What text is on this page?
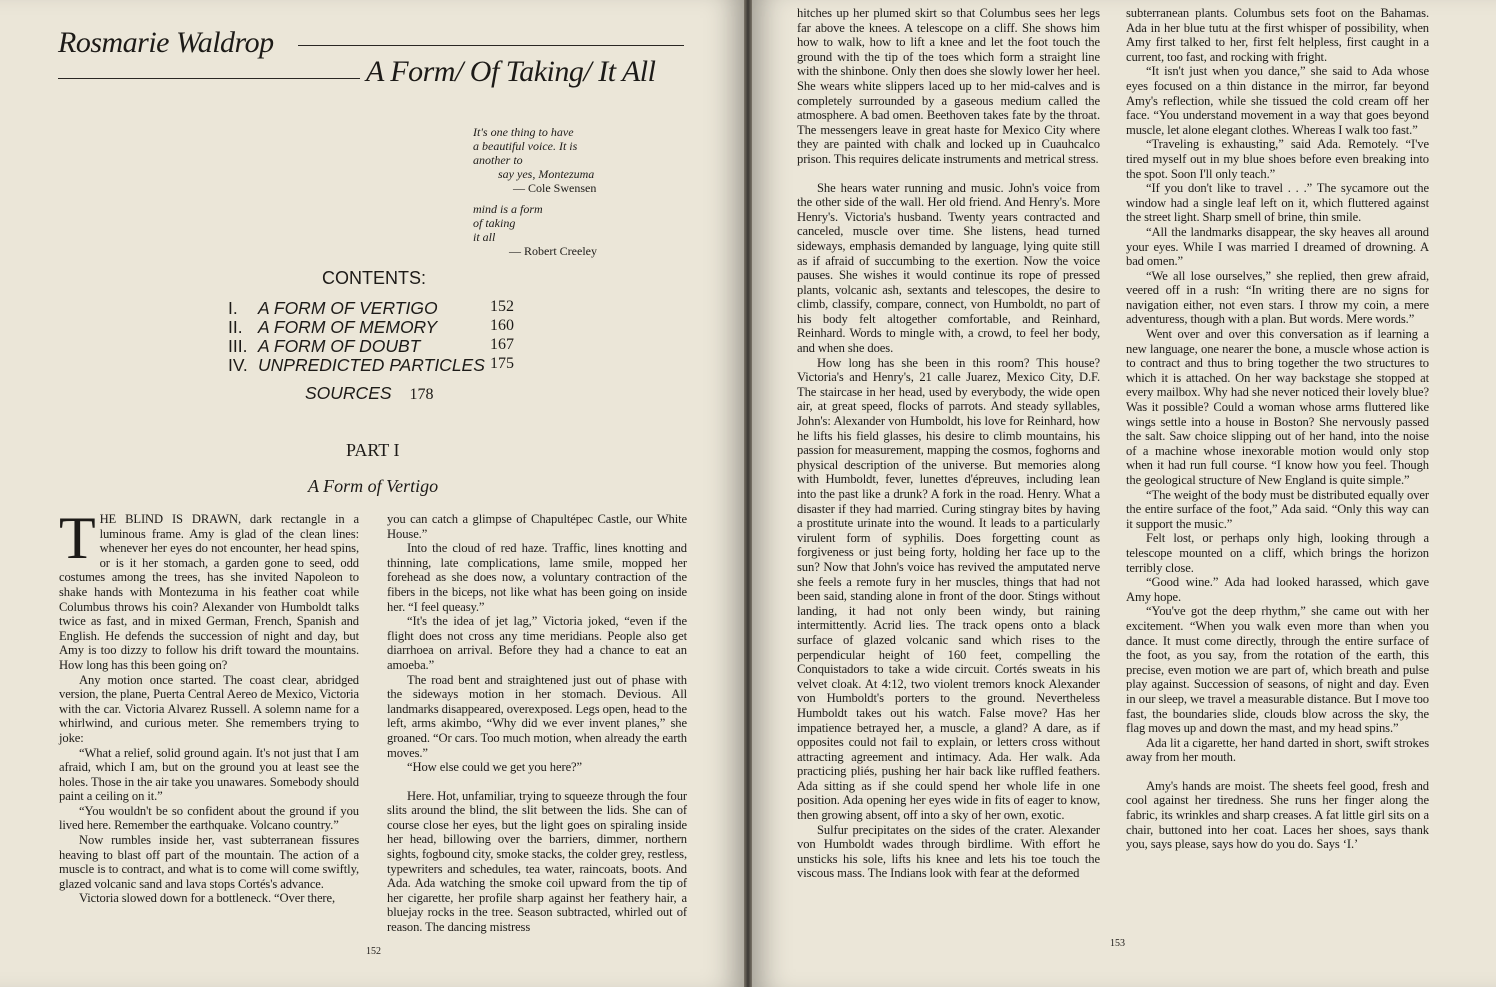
Rosmarie Waldrop
A Form/ Of Taking/ It All
It's one thing to have
a beautiful voice. It is
another to
say yes, Montezuma
— Cole Swensen
mind is a form
of taking
it all
— Robert Creeley
CONTENTS:
I. A FORM OF VERTIGO	152
II. A FORM OF MEMORY	160
III. A FORM OF DOUBT	167
IV. UNPREDICTED PARTICLES 175
SOURCES 178
PART I
A Form of Vertigo

THE BLIND IS DRAWN, dark rectangle in a luminous frame. Amy is glad of the clean lines: whenever her eyes do not encounter, her head spins, or is it her stomach, a garden gone to seed, odd costumes among the trees, has she invited Napoleon to shake hands with Montezuma in his feather coat while Columbus throws his coin? Alexander von Humboldt talks twice as fast, and in mixed German, French, Spanish and English. He defends the succession of night and day, but Amy is too dizzy to follow his drift toward the mountains. How long has this been going on?

Any motion once started. The coast clear, abridged version, the plane, Puerta Central Aereo de Mexico, Victoria with the car. Victoria Alvarez Russell. A solemn name for a whirlwind, and curious meter. She remembers trying to joke:

“What a relief, solid ground again. It's not just that I am afraid, which I am, but on the ground you at least see the holes. Those in the air take you unawares. Somebody should paint a ceiling on it.”

“You wouldn't be so confident about the ground if you lived here. Remember the earthquake. Volcano country.”

Now rumbles inside her, vast subterranean fissures heaving to blast off part of the mountain. The action of a muscle is to contract, and what is to come will come swiftly, glazed volcanic sand and lava stops Cortés's advance.

Victoria slowed down for a bottleneck. “Over there,

you can catch a glimpse of Chapultépec Castle, our White House.”

Into the cloud of red haze. Traffic, lines knotting and thinning, late complications, lame smile, mopped her forehead as she does now, a voluntary contraction of the fibers in the biceps, not like what has been going on inside her. “I feel queasy.”

“It's the idea of jet lag,” Victoria joked, “even if the flight does not cross any time meridians. People also get diarrhoea on arrival. Before they had a chance to eat an amoeba.”

The road bent and straightened just out of phase with the sideways motion in her stomach. Devious. All landmarks disappeared, overexposed. Legs open, head to the left, arms akimbo, “Why did we ever invent planes,” she groaned. “Or cars. Too much motion, when already the earth moves.”

“How else could we get you here?”

Here. Hot, unfamiliar, trying to squeeze through the four slits around the blind, the slit between the lids. She can of course close her eyes, but the light goes on spiraling inside her head, billowing over the barriers, dimmer, northern sights, fogbound city, smoke stacks, the colder grey, restless, typewriters and schedules, tea water, raincoats, boots. And Ada. Ada watching the smoke coil upward from the tip of her cigarette, her profile sharp against her feathery hair, a bluejay rocks in the tree. Season subtracted, whirled out of reason. The dancing mistress

152

hitches up her plumed skirt so that Columbus sees her legs far above the knees. A telescope on a cliff. She shows him how to walk, how to lift a knee and let the foot touch the ground with the tip of the toes which form a straight line with the shinbone. Only then does she slowly lower her heel. She wears white slippers laced up to her mid-calves and is completely surrounded by a gaseous medium called the atmosphere. A bad omen. Beethoven takes fate by the throat. The messengers leave in great haste for Mexico City where they are painted with chalk and locked up in Cuauhcalco prison. This requires delicate instruments and metrical stress.

She hears water running and music. John's voice from the other side of the wall. Her old friend. And Henry's. More Henry's. Victoria's husband. Twenty years contracted and canceled, muscle over time. She listens, head turned sideways, emphasis demanded by language, lying quite still as if afraid of succumbing to the exertion. Now the voice pauses. She wishes it would continue its rope of pressed plants, volcanic ash, sextants and telescopes, the desire to climb, classify, compare, connect, von Humboldt, no part of his body felt altogether comfortable, and Reinhard, Reinhard. Words to mingle with, a crowd, to feel her body, and when she does.

How long has she been in this room? This house? Victoria's and Henry's, 21 calle Juarez, Mexico City, D.F. The staircase in her head, used by everybody, the wide open air, at great speed, flocks of parrots. And steady syllables, John's: Alexander von Humboldt, his love for Reinhard, how he lifts his field glasses, his desire to climb mountains, his passion for measurement, mapping the cosmos, foghorns and physical description of the universe. But memories along with Humboldt, fever, lunettes d'épreuves, including lean into the past like a drunk? A fork in the road. Henry. What a disaster if they had married. Curing stingray bites by having a prostitute urinate into the wound. It leads to a particularly virulent form of syphilis. Does forgetting count as forgiveness or just being forty, holding her face up to the sun? Now that John's voice has revived the amputated nerve she feels a remote fury in her muscles, things that had not been said, standing alone in front of the door. Stings without landing, it had not only been windy, but raining intermittently. Acrid lies. The track opens onto a black surface of glazed volcanic sand which rises to the perpendicular height of 160 feet, compelling the Conquistadors to take a wide circuit. Cortés sweats in his velvet cloak. At 4:12, two violent tremors knock Alexander von Humboldt's porters to the ground. Nevertheless Humboldt takes out his watch. False move? Has her impatience betrayed her, a muscle, a gland? A dare, as if opposites could not fail to explain, or letters cross without attracting agreement and intimacy. Ada. Her walk. Ada practicing pliés, pushing her hair back like ruffled feathers. Ada sitting as if she could spend her whole life in one position. Ada opening her eyes wide in fits of eager to know, then growing absent, off into a sky of her own, exotic.

Sulfur precipitates on the sides of the crater. Alexander von Humboldt wades through birdlime. With effort he unsticks his sole, lifts his knee and lets his toe touch the viscous mass. The Indians look with fear at the deformed

subterranean plants. Columbus sets foot on the Bahamas. Ada in her blue tutu at the first whisper of possibility, when Amy first talked to her, first felt helpless, first caught in a current, too fast, and rocking with fright.

“It isn't just when you dance,” she said to Ada whose eyes focused on a thin distance in the mirror, far beyond Amy's reflection, while she tissued the cold cream off her face. “You understand movement in a way that goes beyond muscle, let alone elegant clothes. Whereas I walk too fast.”

“Traveling is exhausting,” said Ada. Remotely. “I've tired myself out in my blue shoes before even breaking into the spot. Soon I'll only teach.”

“If you don't like to travel . . .” The sycamore out the window had a single leaf left on it, which fluttered against the street light. Sharp smell of brine, thin smile.

“All the landmarks disappear, the sky heaves all around your eyes. While I was married I dreamed of drowning. A bad omen.”

“We all lose ourselves,” she replied, then grew afraid, veered off in a rush: “In writing there are no signs for navigation either, not even stars. I throw my coin, a mere adventuress, though with a plan. But words. Mere words.”

Went over and over this conversation as if learning a new language, one nearer the bone, a muscle whose action is to contract and thus to bring together the two structures to which it is attached. On her way backstage she stopped at every mailbox. Why had she never noticed their lovely blue? Was it possible? Could a woman whose arms fluttered like wings settle into a house in Boston? She nervously passed the salt. Saw choice slipping out of her hand, into the noise of a machine whose inexorable motion would only stop when it had run full course. “I know how you feel. Though the geological structure of New England is quite simple.”

“The weight of the body must be distributed equally over the entire surface of the foot,” Ada said. “Only this way can it support the music.”

Felt lost, or perhaps only high, looking through a telescope mounted on a cliff, which brings the horizon terribly close.

“Good wine.” Ada had looked harassed, which gave Amy hope.

“You've got the deep rhythm,” she came out with her excitement. “When you walk even more than when you dance. It must come directly, through the entire surface of the foot, as you say, from the rotation of the earth, this precise, even motion we are part of, which breath and pulse play against. Succession of seasons, of night and day. Even in our sleep, we travel a measurable distance. But I move too fast, the boundaries slide, clouds blow across the sky, the flag moves up and down the mast, and my head spins.”

Ada lit a cigarette, her hand darted in short, swift strokes away from her mouth.

Amy's hands are moist. The sheets feel good, fresh and cool against her tiredness. She runs her finger along the fabric, its wrinkles and sharp creases. A fat little girl sits on a chair, buttoned into her coat. Laces her shoes, says thank you, says please, says how do you do. Says ‘I.’

153
